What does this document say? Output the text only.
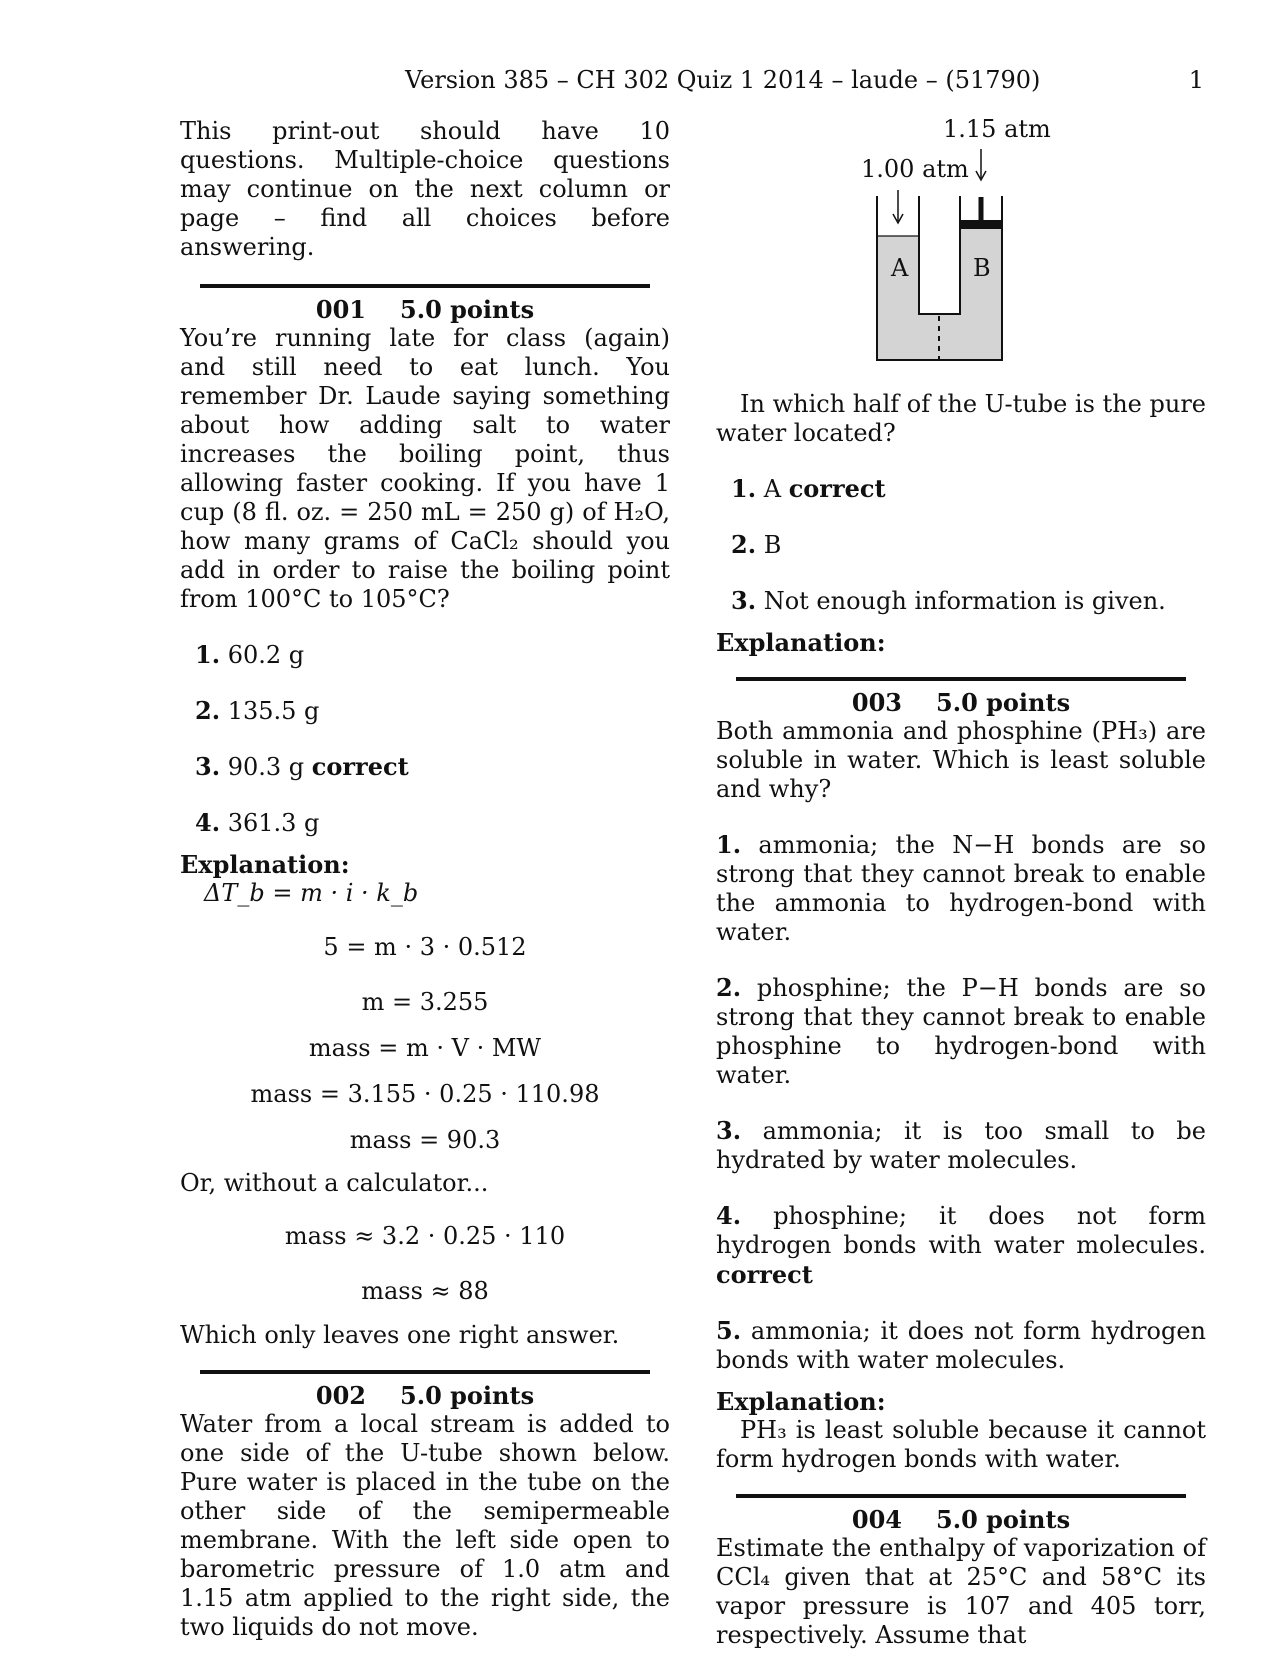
Version 385 – CH 302 Quiz 1 2014 – laude – (51790)	1

This print-out should have 10 questions. Multiple-choice questions may continue on the next column or page – find all choices before answering.

001 5.0 points

You’re running late for class (again) and still need to eat lunch. You remember Dr. Laude saying something about how adding salt to water increases the boiling point, thus allowing faster cooking. If you have 1 cup (8 fl. oz. = 250 mL = 250 g) of H₂O, how many grams of CaCl₂ should you add in order to raise the boiling point from 100°C to 105°C?

1. 60.2 g
2. 135.5 g
3. 90.3 g correct
4. 361.3 g
Explanation:
ΔT_b = m · i · k_b
5 = m · 3 · 0.512
m = 3.255
mass = m · V · MW
mass = 3.155 · 0.25 · 110.98
mass = 90.3

Or, without a calculator...

mass ≈ 3.2 · 0.25 · 110
mass ≈ 88

Which only leaves one right answer.

002 5.0 points

Water from a local stream is added to one side of the U-tube shown below. Pure water is placed in the tube on the other side of the semipermeable membrane. With the left side open to barometric pressure of 1.0 atm and 1.15 atm applied to the right side, the two liquids do not move.

1.00 atm
1.15 atm
A	B

In which half of the U-tube is the pure water located?

1. A correct
2. B
3. Not enough information is given.
Explanation:
003 5.0 points

Both ammonia and phosphine (PH₃) are soluble in water. Which is least soluble and why?

1. ammonia; the N−H bonds are so strong that they cannot break to enable the ammonia to hydrogen-bond with water.

2. phosphine; the P−H bonds are so strong that they cannot break to enable phosphine to hydrogen-bond with water.

3. ammonia; it is too small to be hydrated by water molecules.

4. phosphine; it does not form hydrogen bonds with water molecules. correct

5. ammonia; it does not form hydrogen bonds with water molecules.

Explanation:

PH₃ is least soluble because it cannot form hydrogen bonds with water.

004 5.0 points

Estimate the enthalpy of vaporization of CCl₄ given that at 25°C and 58°C its vapor pressure is 107 and 405 torr, respectively. Assume that
